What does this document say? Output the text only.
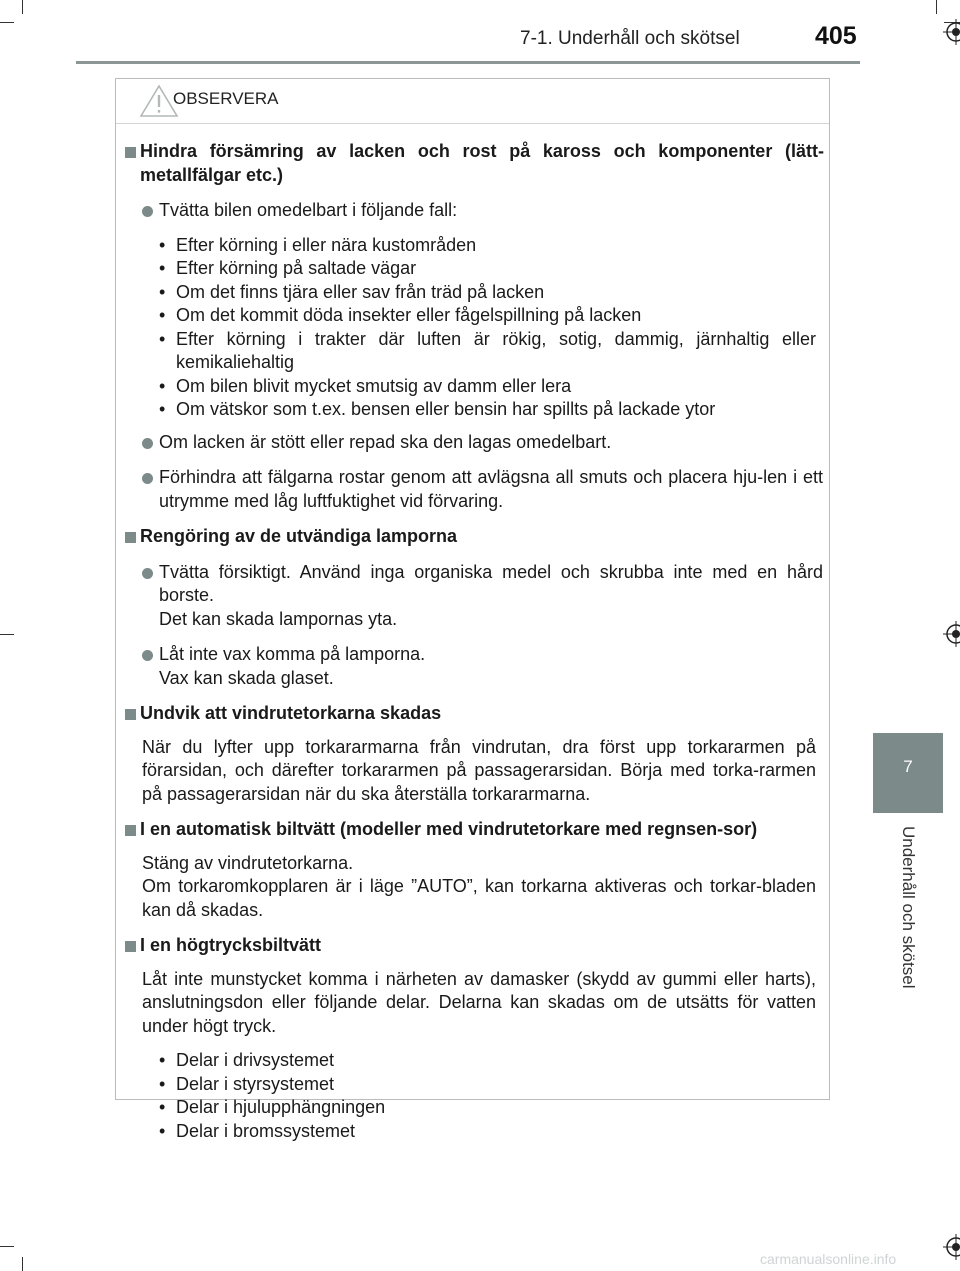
7-1. Underhåll och skötsel	405
7
Underhåll och skötsel
OBSERVERA
Hindra försämring av lacken och rost på kaross och komponenter (lätt-metallfälgar etc.)
Tvätta bilen omedelbart i följande fall:
• Efter körning i eller nära kustområden
• Efter körning på saltade vägar
• Om det finns tjära eller sav från träd på lacken
• Om det kommit döda insekter eller fågelspillning på lacken
• Efter körning i trakter där luften är rökig, sotig, dammig, järnhaltig eller kemikaliehaltig
• Om bilen blivit mycket smutsig av damm eller lera
• Om vätskor som t.ex. bensen eller bensin har spillts på lackade ytor
Om lacken är stött eller repad ska den lagas omedelbart.
Förhindra att fälgarna rostar genom att avlägsna all smuts och placera hju-len i ett utrymme med låg luftfuktighet vid förvaring.
Rengöring av de utvändiga lamporna
Tvätta försiktigt. Använd inga organiska medel och skrubba inte med en hård borste.
Det kan skada lampornas yta.
Låt inte vax komma på lamporna.
Vax kan skada glaset.
Undvik att vindrutetorkarna skadas
När du lyfter upp torkararmarna från vindrutan, dra först upp torkararmen på förarsidan, och därefter torkararmen på passagerarsidan. Börja med torka-rarmen på passagerarsidan när du ska återställa torkararmarna.
I en automatisk biltvätt (modeller med vindrutetorkare med regnsen-sor)
Stäng av vindrutetorkarna.
Om torkaromkopplaren är i läge ”AUTO”, kan torkarna aktiveras och torkar-bladen kan då skadas.
I en högtrycksbiltvätt
Låt inte munstycket komma i närheten av damasker (skydd av gummi eller harts), anslutningsdon eller följande delar. Delarna kan skadas om de utsätts för vatten under högt tryck.
• Delar i drivsystemet
• Delar i styrsystemet
• Delar i hjulupphängningen
• Delar i bromssystemet
carmanualsonline.info
